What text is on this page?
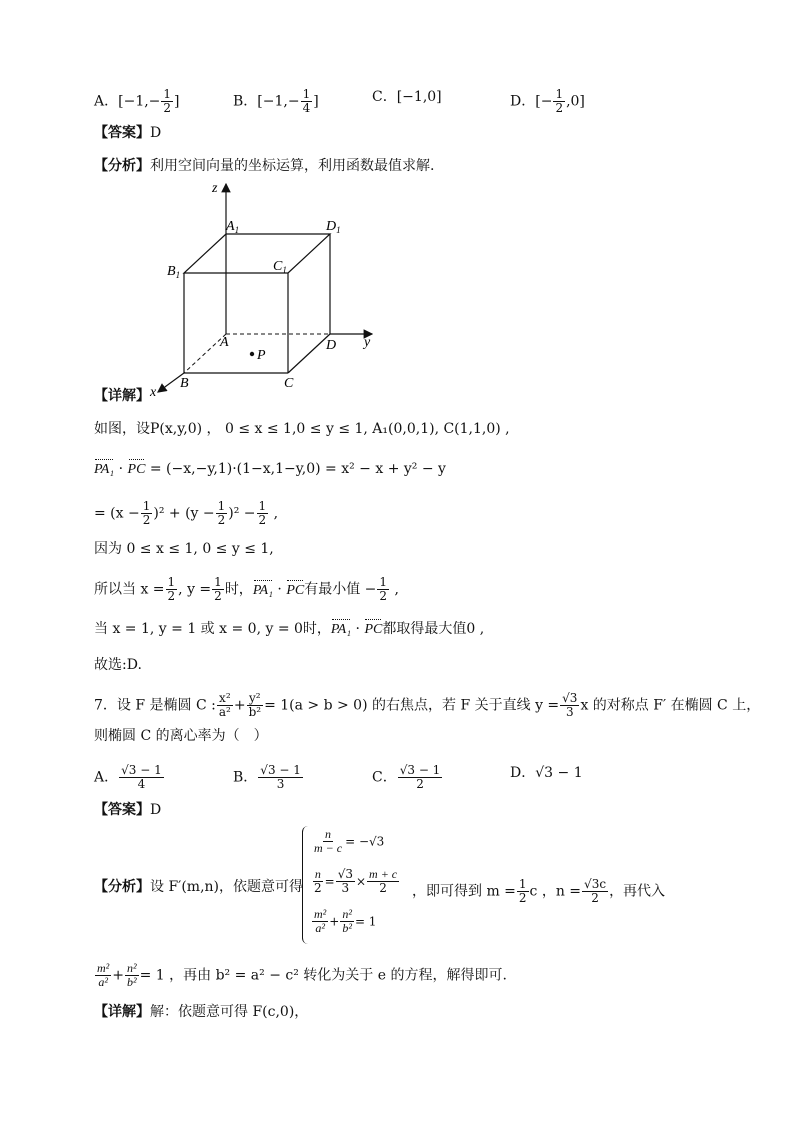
A．[$-1,- \frac{1}{2}$ ]	B．[$-1,- \frac{1}{4}$ ]	C．[−1,0]	D．[− $\frac{1}{2} ,0$]
【答案】D
【分析】利用空间向量的坐标运算，利用函数最值求解.
z
y
x
$A_1$	$D_1$
$B_1$
$C_1$
A	D
B	C
P
【详解】
如图，设P(x,y,0) ， 0 ≤ x ≤ 1,0 ≤ y ≤ 1, A₁(0,0,1), C(1,1,0) ,
PA₁ · PC = (−x,−y,1)·(1−x,1−y,0) = x² − x + y² − y
= $(x - \frac{1}{2} )^2 + (y - \frac{1}{2} )^2 - \frac{1}{2}$ ,
因为 0 ≤ x ≤ 1, 0 ≤ y ≤ 1,
所以当 $x = \frac{1}{2}$ , $y = \frac{1}{2}$ 时，PA₁ · PC有最小值 − $\frac{1}{2}$ ,
当 x = 1, y = 1 或 x = 0, y = 0时，PA₁ · PC都取得最大值0 ,
故选:D.
7．设 F 是椭圆 C : $\frac{\text{x²}}{\text{a²}} + \frac{\text{y²}}{\text{b²}} = 1(a > b > 0)$ 的右焦点，若 F 关于直线 $y = \frac{√3}{3}$ x 的对称点 F′ 在椭圆 C 上，
则椭圆 C 的离心率为（　）
A． $\frac{√3 - 1}{4}$	B． $\frac{√3 - 1}{3}$	C． $\frac{√3 - 1}{2}$	D．√3 − 1
【答案】D
【分析】设 F′(m,n)，依题意可得
$\frac{n}{m - c} = -√3$
$\frac{n}{2} = \frac{√3}{3} \times \frac{m + c}{2}$
$\frac{\text{m²}}{\text{a²}} + \frac{\text{n²}}{\text{b²}} = 1$
，即可得到 $m = \frac{1}{2}$ c ，$n = \frac{√3c}{2}$ ，再代入
$\frac{\text{m²}}{\text{a²}} + \frac{\text{n²}}{\text{b²}} = 1$ ，再由 b² = a² − c² 转化为关于 e 的方程，解得即可.
【详解】解：依题意可得 F(c,0)，
